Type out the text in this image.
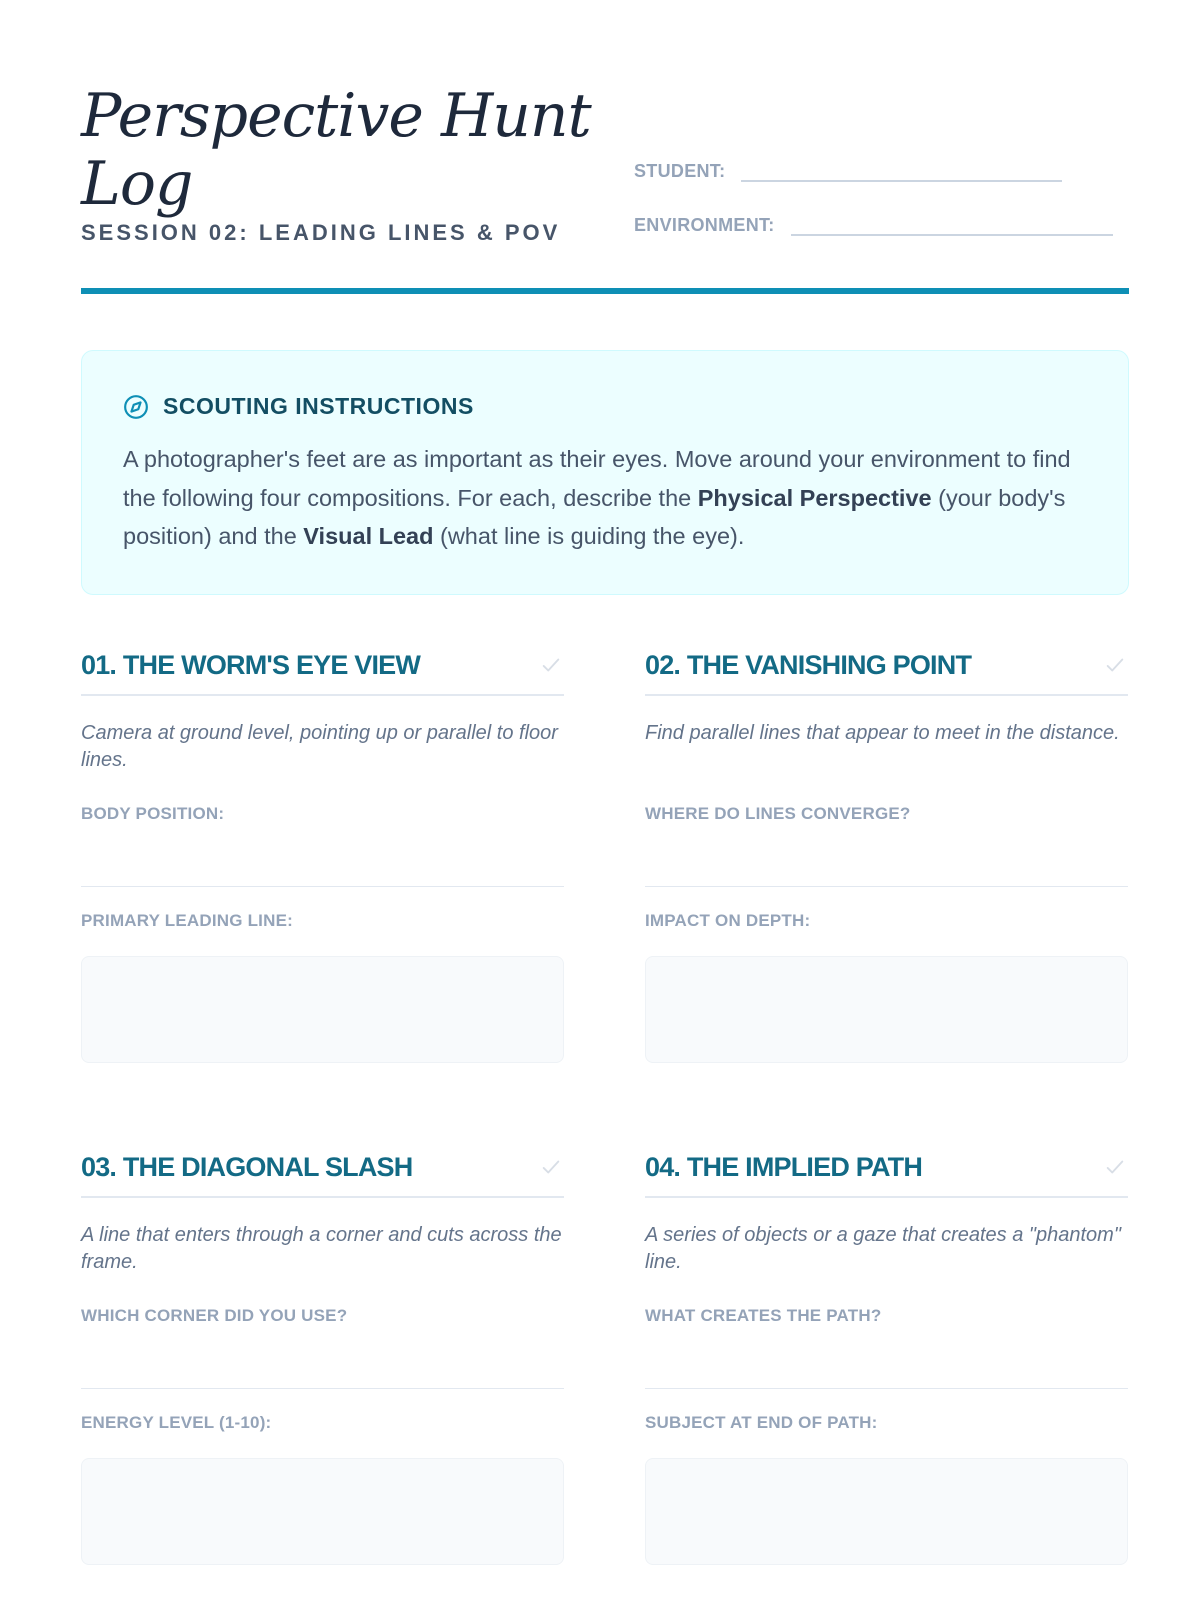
Perspective Hunt Log
SESSION 02: LEADING LINES & POV
STUDENT:
ENVIRONMENT:
SCOUTING INSTRUCTIONS

A photographer's feet are as important as their eyes. Move around your environment to find the following four compositions. For each, describe the Physical Perspective (your body's position) and the Visual Lead (what line is guiding the eye).

01. THE WORM'S EYE VIEW

Camera at ground level, pointing up or parallel to floor lines.

BODY POSITION:
PRIMARY LEADING LINE:
02. THE VANISHING POINT

Find parallel lines that appear to meet in the distance.

WHERE DO LINES CONVERGE?
IMPACT ON DEPTH:
03. THE DIAGONAL SLASH

A line that enters through a corner and cuts across the frame.

WHICH CORNER DID YOU USE?
ENERGY LEVEL (1-10):
04. THE IMPLIED PATH

A series of objects or a gaze that creates a "phantom" line.

WHAT CREATES THE PATH?
SUBJECT AT END OF PATH:
